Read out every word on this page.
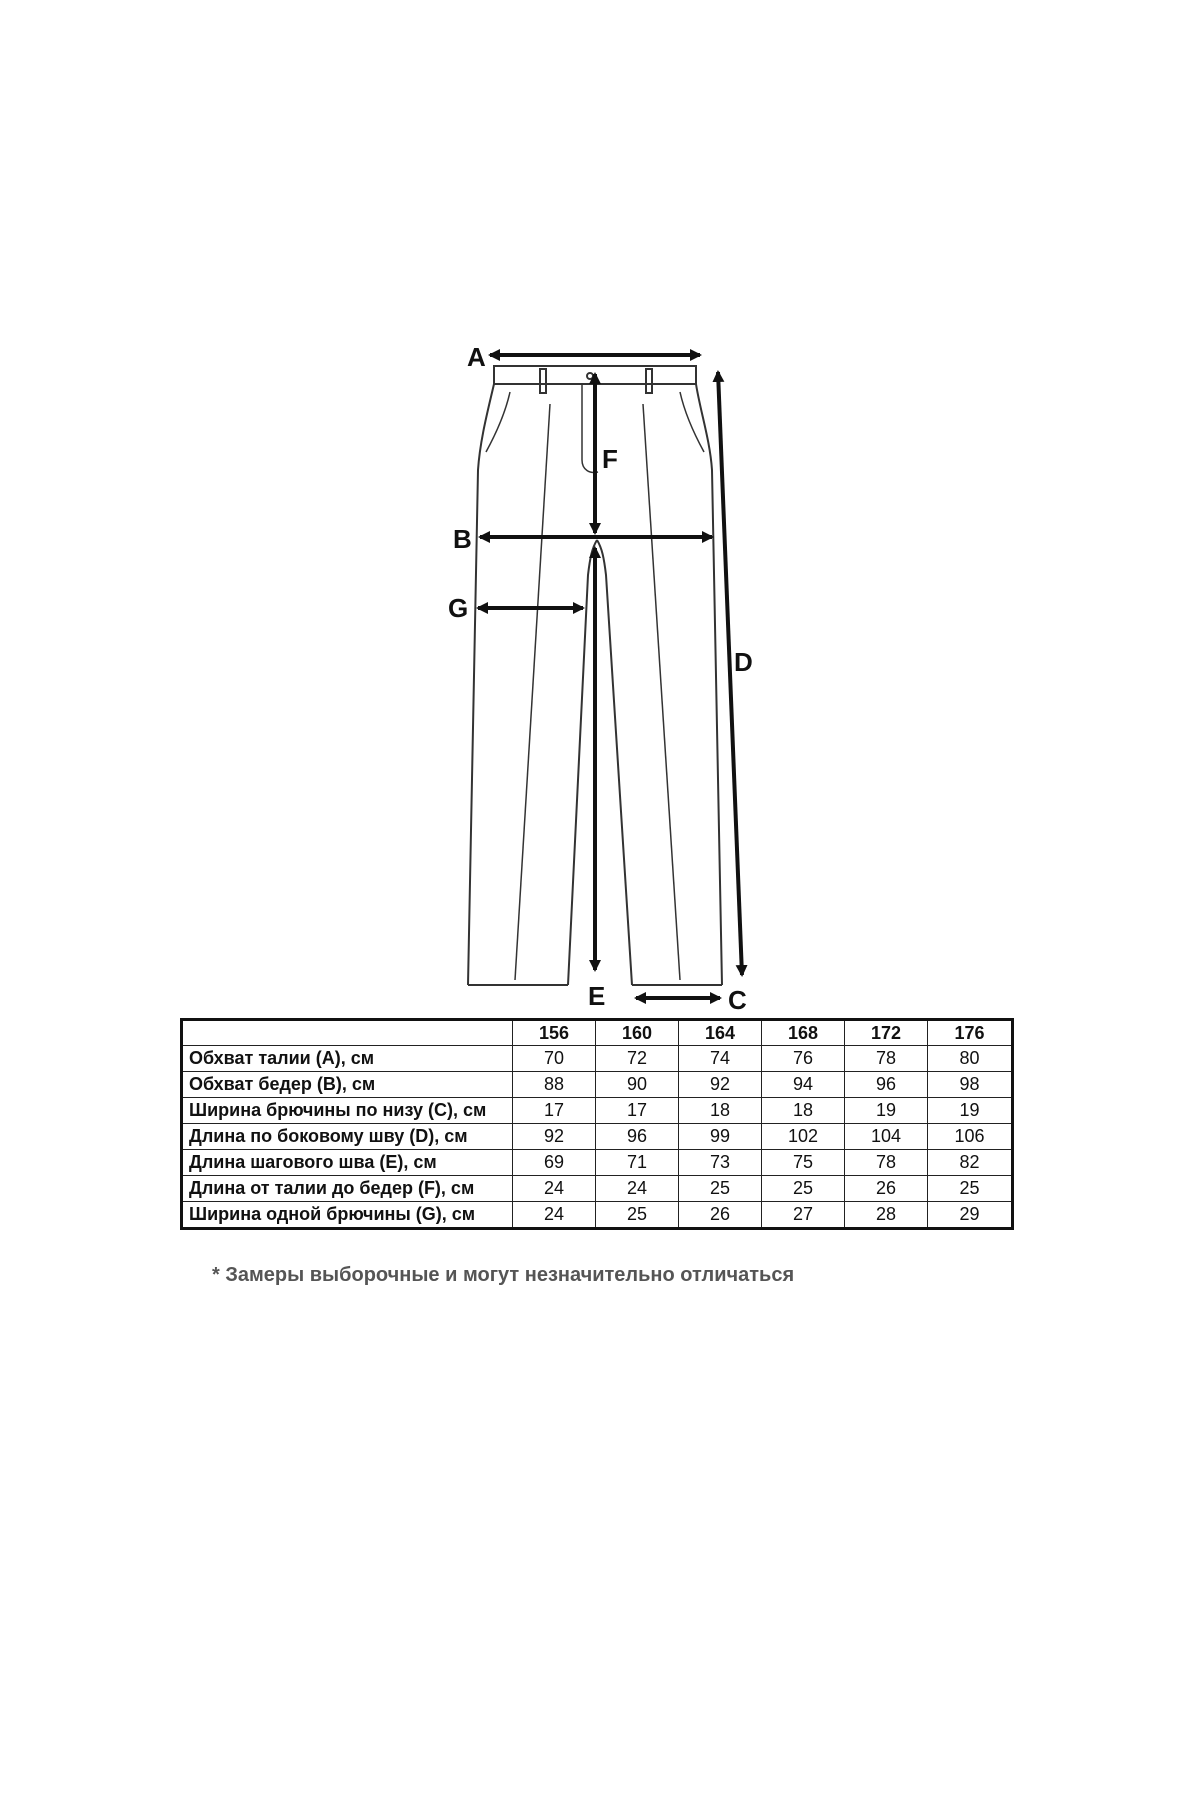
A
F
B
G
D
E	C
	156	160	164	168	172	176
Обхват талии (А), см	70	72	74	76	78	80
Обхват бедер (В), см	88	90	92	94	96	98
Ширина брючины по низу (С), см	17	17	18	18	19	19
Длина по боковому шву (D), см	92	96	99	102	104	106
Длина шагового шва (Е), см	69	71	73	75	78	82
Длина от талии до бедер (F), см	24	24	25	25	26	25
Ширина одной брючины (G), см	24	25	26	27	28	29
* Замеры выборочные и могут незначительно отличаться
